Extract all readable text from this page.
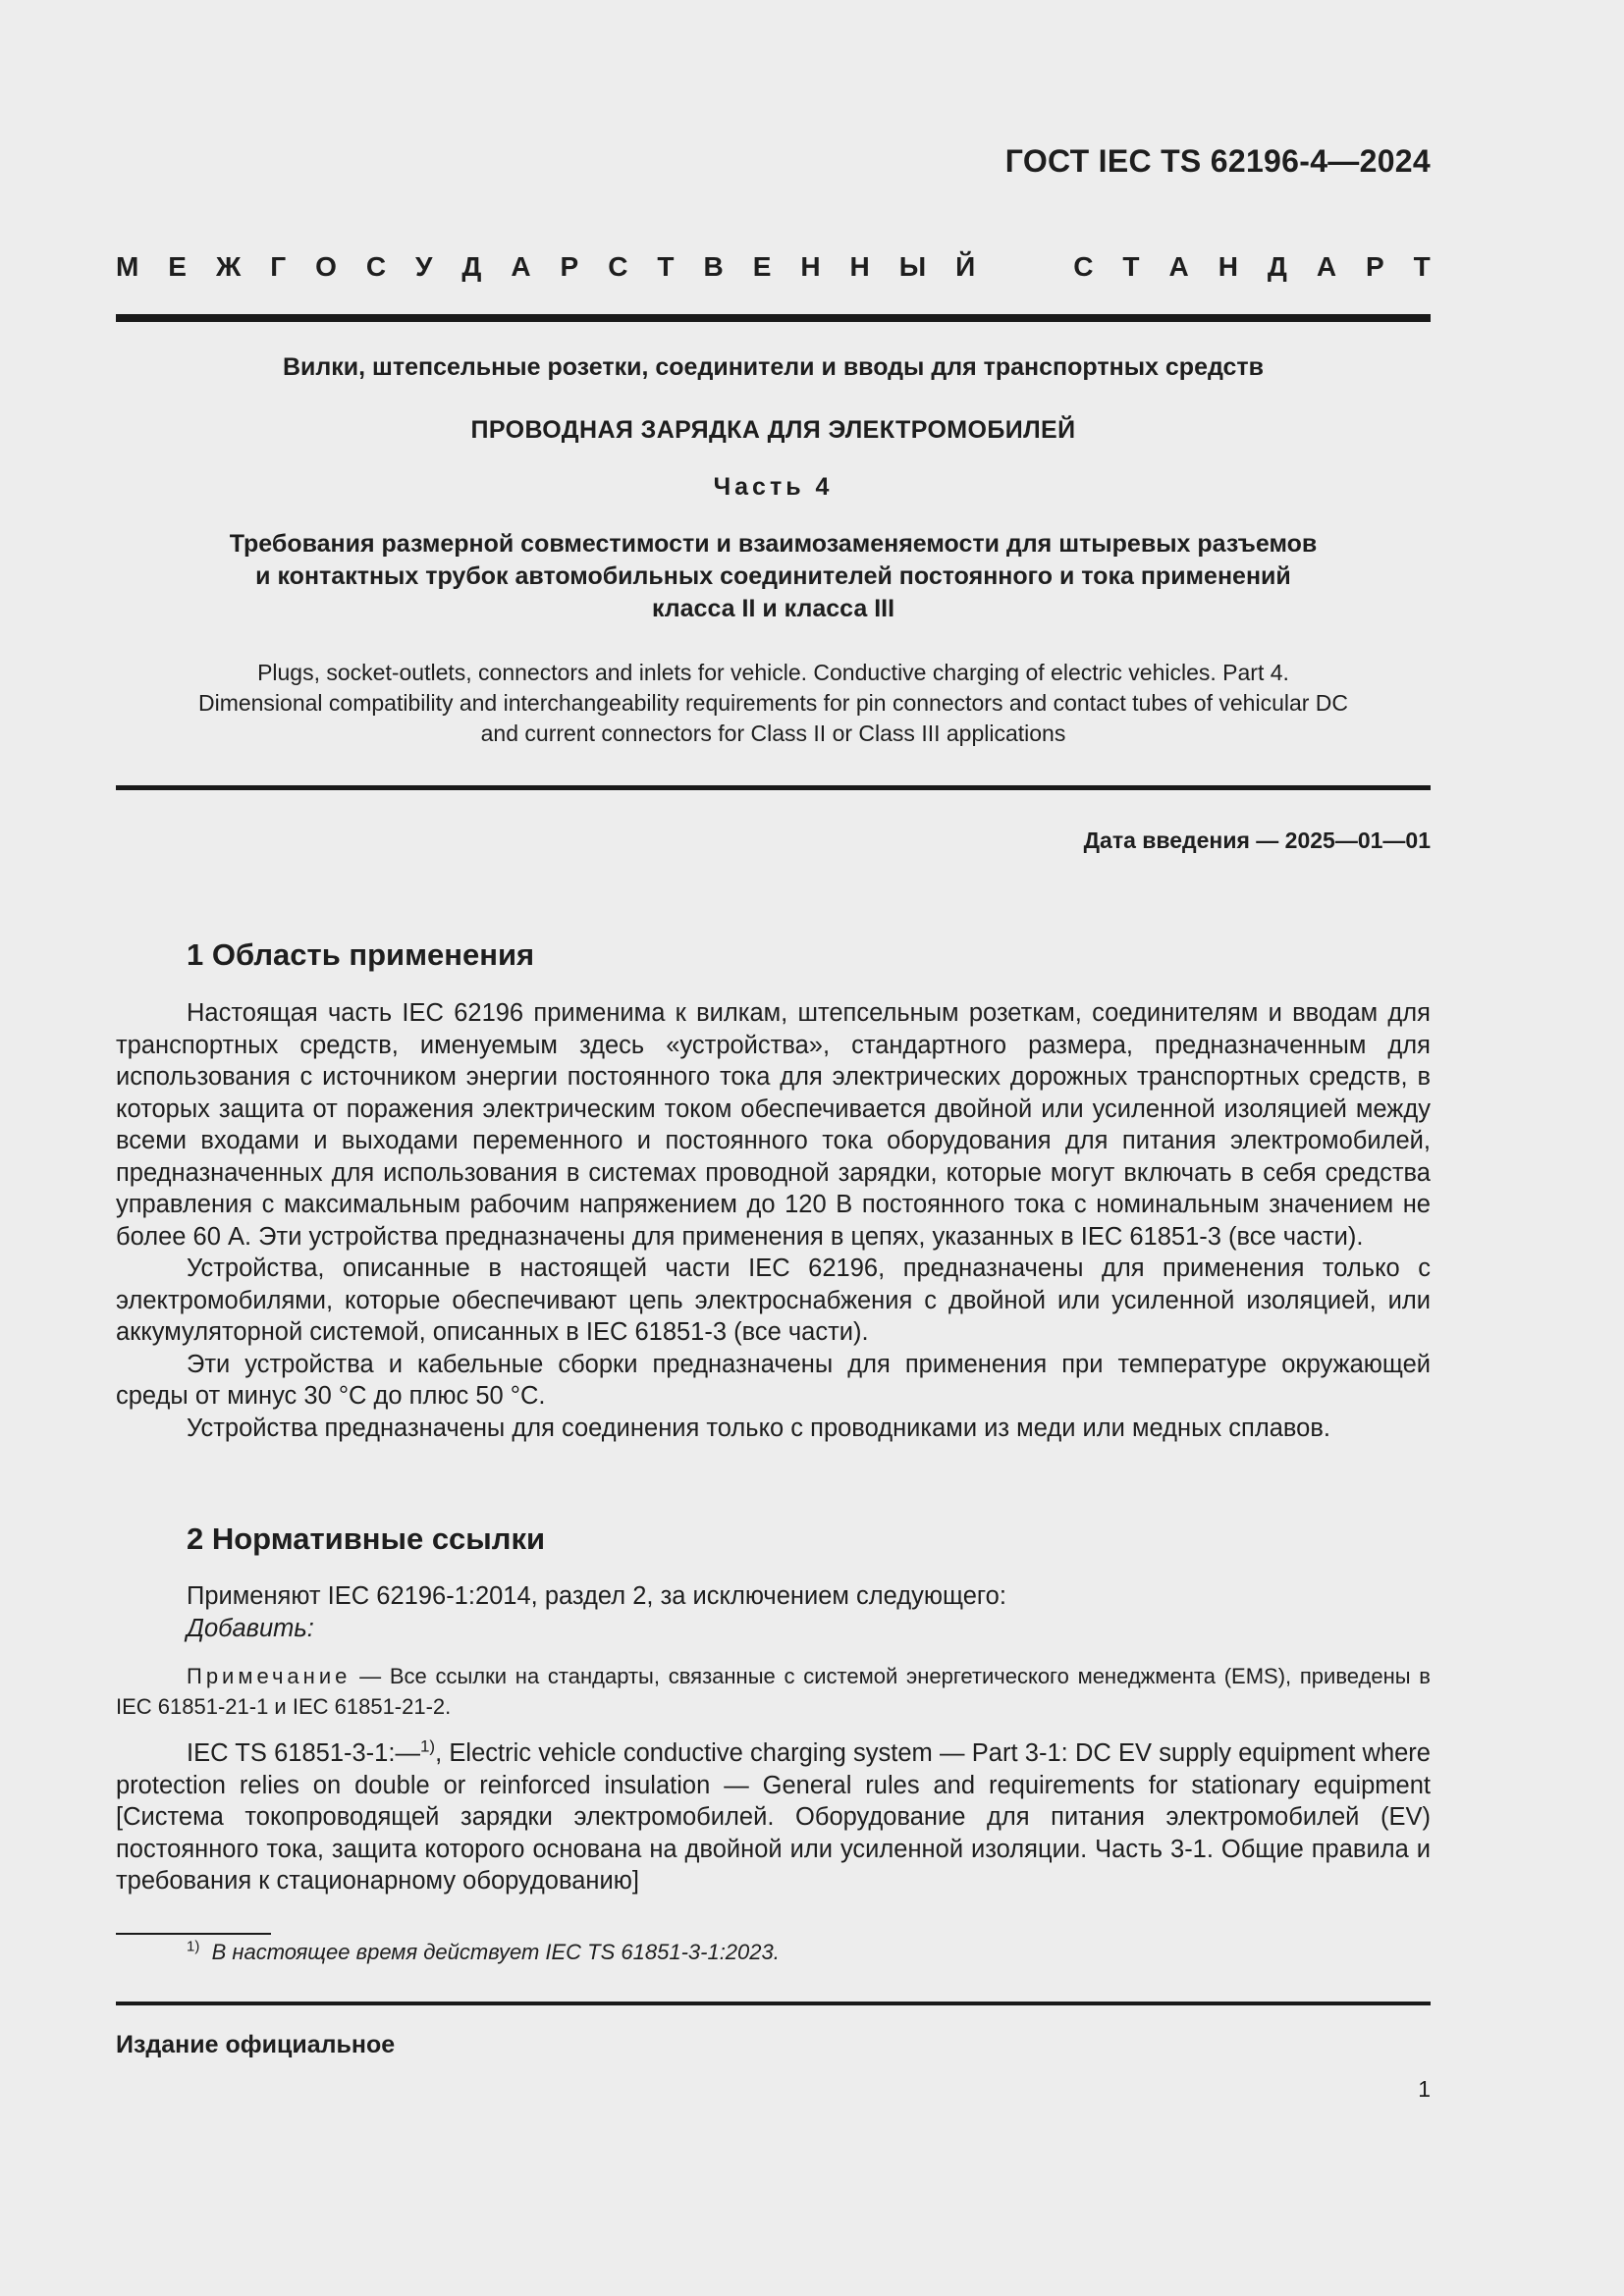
ГОСТ IEC TS 62196-4—2024
М Е Ж Г О С У Д А Р С Т В Е Н Н Ы Й	С Т А Н Д А Р Т
Вилки, штепсельные розетки, соединители и вводы для транспортных средств
ПРОВОДНАЯ ЗАРЯДКА ДЛЯ ЭЛЕКТРОМОБИЛЕЙ
Часть 4
Требования размерной совместимости и взаимозаменяемости для штыревых разъемов
и контактных трубок автомобильных соединителей постоянного и тока применений
класса II и класса III
Plugs, socket-outlets, connectors and inlets for vehicle. Conductive charging of electric vehicles. Part 4.
Dimensional compatibility and interchangeability requirements for pin connectors and contact tubes of vehicular DC
and current connectors for Class II or Class III applications
Дата введения — 2025—01—01
1 Область применения

Настоящая часть IEC 62196 применима к вилкам, штепсельным розеткам, соединителям и вводам для транспортных средств, именуемым здесь «устройства», стандартного размера, предназначенным для использования с источником энергии постоянного тока для электрических дорожных транспортных средств, в которых защита от поражения электрическим током обеспечивается двойной или усиленной изоляцией между всеми входами и выходами переменного и постоянного тока оборудования для питания электромобилей, предназначенных для использования в системах проводной зарядки, которые могут включать в себя средства управления с максимальным рабочим напряжением до 120 В постоянного тока с номинальным значением не более 60 А. Эти устройства предназначены для применения в цепях, указанных в IEC 61851-3 (все части).

Устройства, описанные в настоящей части IEC 62196, предназначены для применения только с электромобилями, которые обеспечивают цепь электроснабжения с двойной или усиленной изоляцией, или аккумуляторной системой, описанных в IEC 61851-3 (все части).

Эти устройства и кабельные сборки предназначены для применения при температуре окружающей среды от минус 30 °С до плюс 50 °С.

Устройства предназначены для соединения только с проводниками из меди или медных сплавов.

2 Нормативные ссылки

Применяют IEC 62196-1:2014, раздел 2, за исключением следующего:

Добавить:

Примечание — Все ссылки на стандарты, связанные с системой энергетического менеджмента (EMS), приведены в IEC 61851-21-1 и IEC 61851-21-2.

IEC TS 61851-3-1:—$^{1)}$, Electric vehicle conductive charging system — Part 3-1: DC EV supply equipment where protection relies on double or reinforced insulation — General rules and requirements for stationary equipment [Система токопроводящей зарядки электромобилей. Оборудование для питания электромобилей (EV) постоянного тока, защита которого основана на двойной или усиленной изоляции. Часть 3-1. Общие правила и требования к стационарному оборудованию]

$^{1)}$ В настоящее время действует IEC TS 61851-3-1:2023.
Издание официальное
1
